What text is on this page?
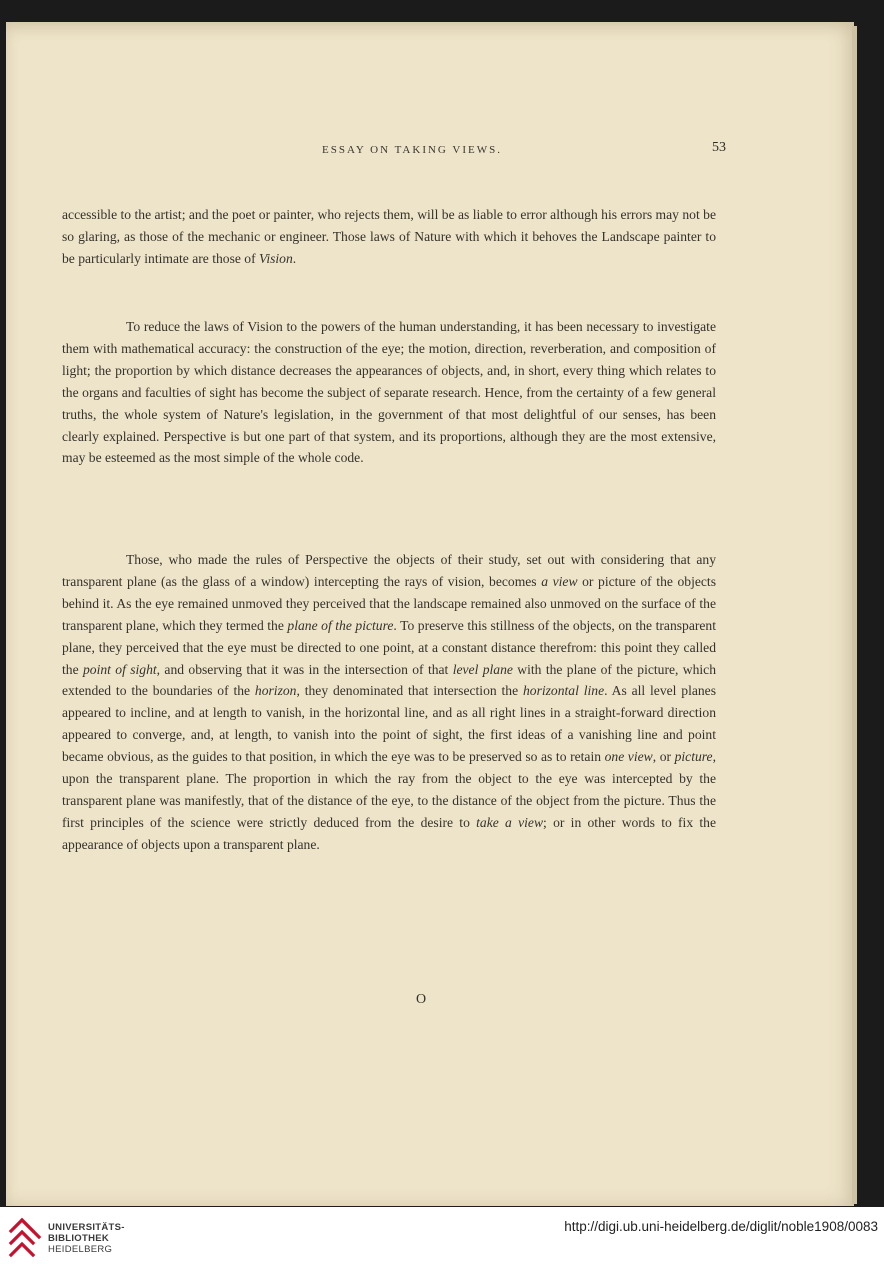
ESSAY ON TAKING VIEWS.	53

accessible to the artist; and the poet or painter, who rejects them, will be as liable to error although his errors may not be so glaring, as those of the mechanic or engineer. Those laws of Nature with which it behoves the Landscape painter to be particularly intimate are those of Vision.

To reduce the laws of Vision to the powers of the human understanding, it has been necessary to investigate them with mathematical accuracy: the construction of the eye; the motion, direction, reverberation, and composition of light; the proportion by which distance decreases the appearances of objects, and, in short, every thing which relates to the organs and faculties of sight has become the subject of separate research. Hence, from the certainty of a few general truths, the whole system of Nature's legislation, in the government of that most delightful of our senses, has been clearly explained. Perspective is but one part of that system, and its proportions, although they are the most extensive, may be esteemed as the most simple of the whole code.

Those, who made the rules of Perspective the objects of their study, set out with considering that any transparent plane (as the glass of a window) intercepting the rays of vision, becomes a view or picture of the objects behind it. As the eye remained unmoved they perceived that the landscape remained also unmoved on the surface of the transparent plane, which they termed the plane of the picture. To preserve this stillness of the objects, on the transparent plane, they perceived that the eye must be directed to one point, at a constant distance therefrom: this point they called the point of sight, and observing that it was in the intersection of that level plane with the plane of the picture, which extended to the boundaries of the horizon, they denominated that intersection the horizontal line. As all level planes appeared to incline, and at length to vanish, in the horizontal line, and as all right lines in a straight-forward direction appeared to converge, and, at length, to vanish into the point of sight, the first ideas of a vanishing line and point became obvious, as the guides to that position, in which the eye was to be preserved so as to retain one view, or picture, upon the transparent plane. The proportion in which the ray from the object to the eye was intercepted by the transparent plane was manifestly, that of the distance of the eye, to the distance of the object from the picture. Thus the first principles of the science were strictly deduced from the desire to take a view; or in other words to fix the appearance of objects upon a transparent plane.

O
UNIVERSITÄTS-
BIBLIOTHEK
HEIDELBERG
http://digi.ub.uni-heidelberg.de/diglit/noble1908/0083
